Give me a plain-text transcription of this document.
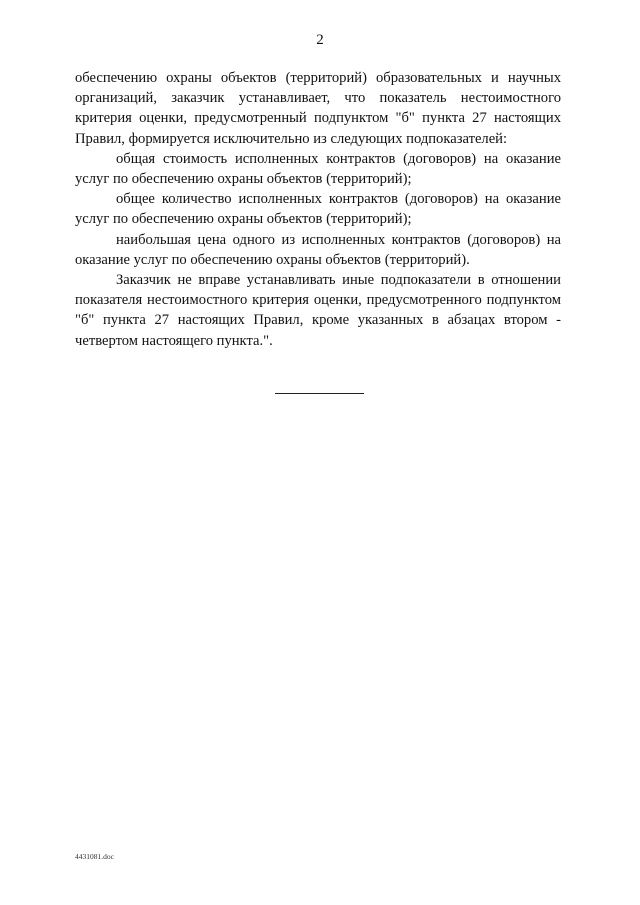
2

обеспечению охраны объектов (территорий) образовательных и научных организаций, заказчик устанавливает, что показатель нестоимостного критерия оценки, предусмотренный подпунктом "б" пункта 27 настоящих Правил, формируется исключительно из следующих подпоказателей:

общая стоимость исполненных контрактов (договоров) на оказание услуг по обеспечению охраны объектов (территорий);

общее количество исполненных контрактов (договоров) на оказание услуг по обеспечению охраны объектов (территорий);

наибольшая цена одного из исполненных контрактов (договоров) на оказание услуг по обеспечению охраны объектов (территорий).

Заказчик не вправе устанавливать иные подпоказатели в отношении показателя нестоимостного критерия оценки, предусмотренного подпунктом "б" пункта 27 настоящих Правил, кроме указанных в абзацах втором - четвертом настоящего пункта.".

4431081.doc
